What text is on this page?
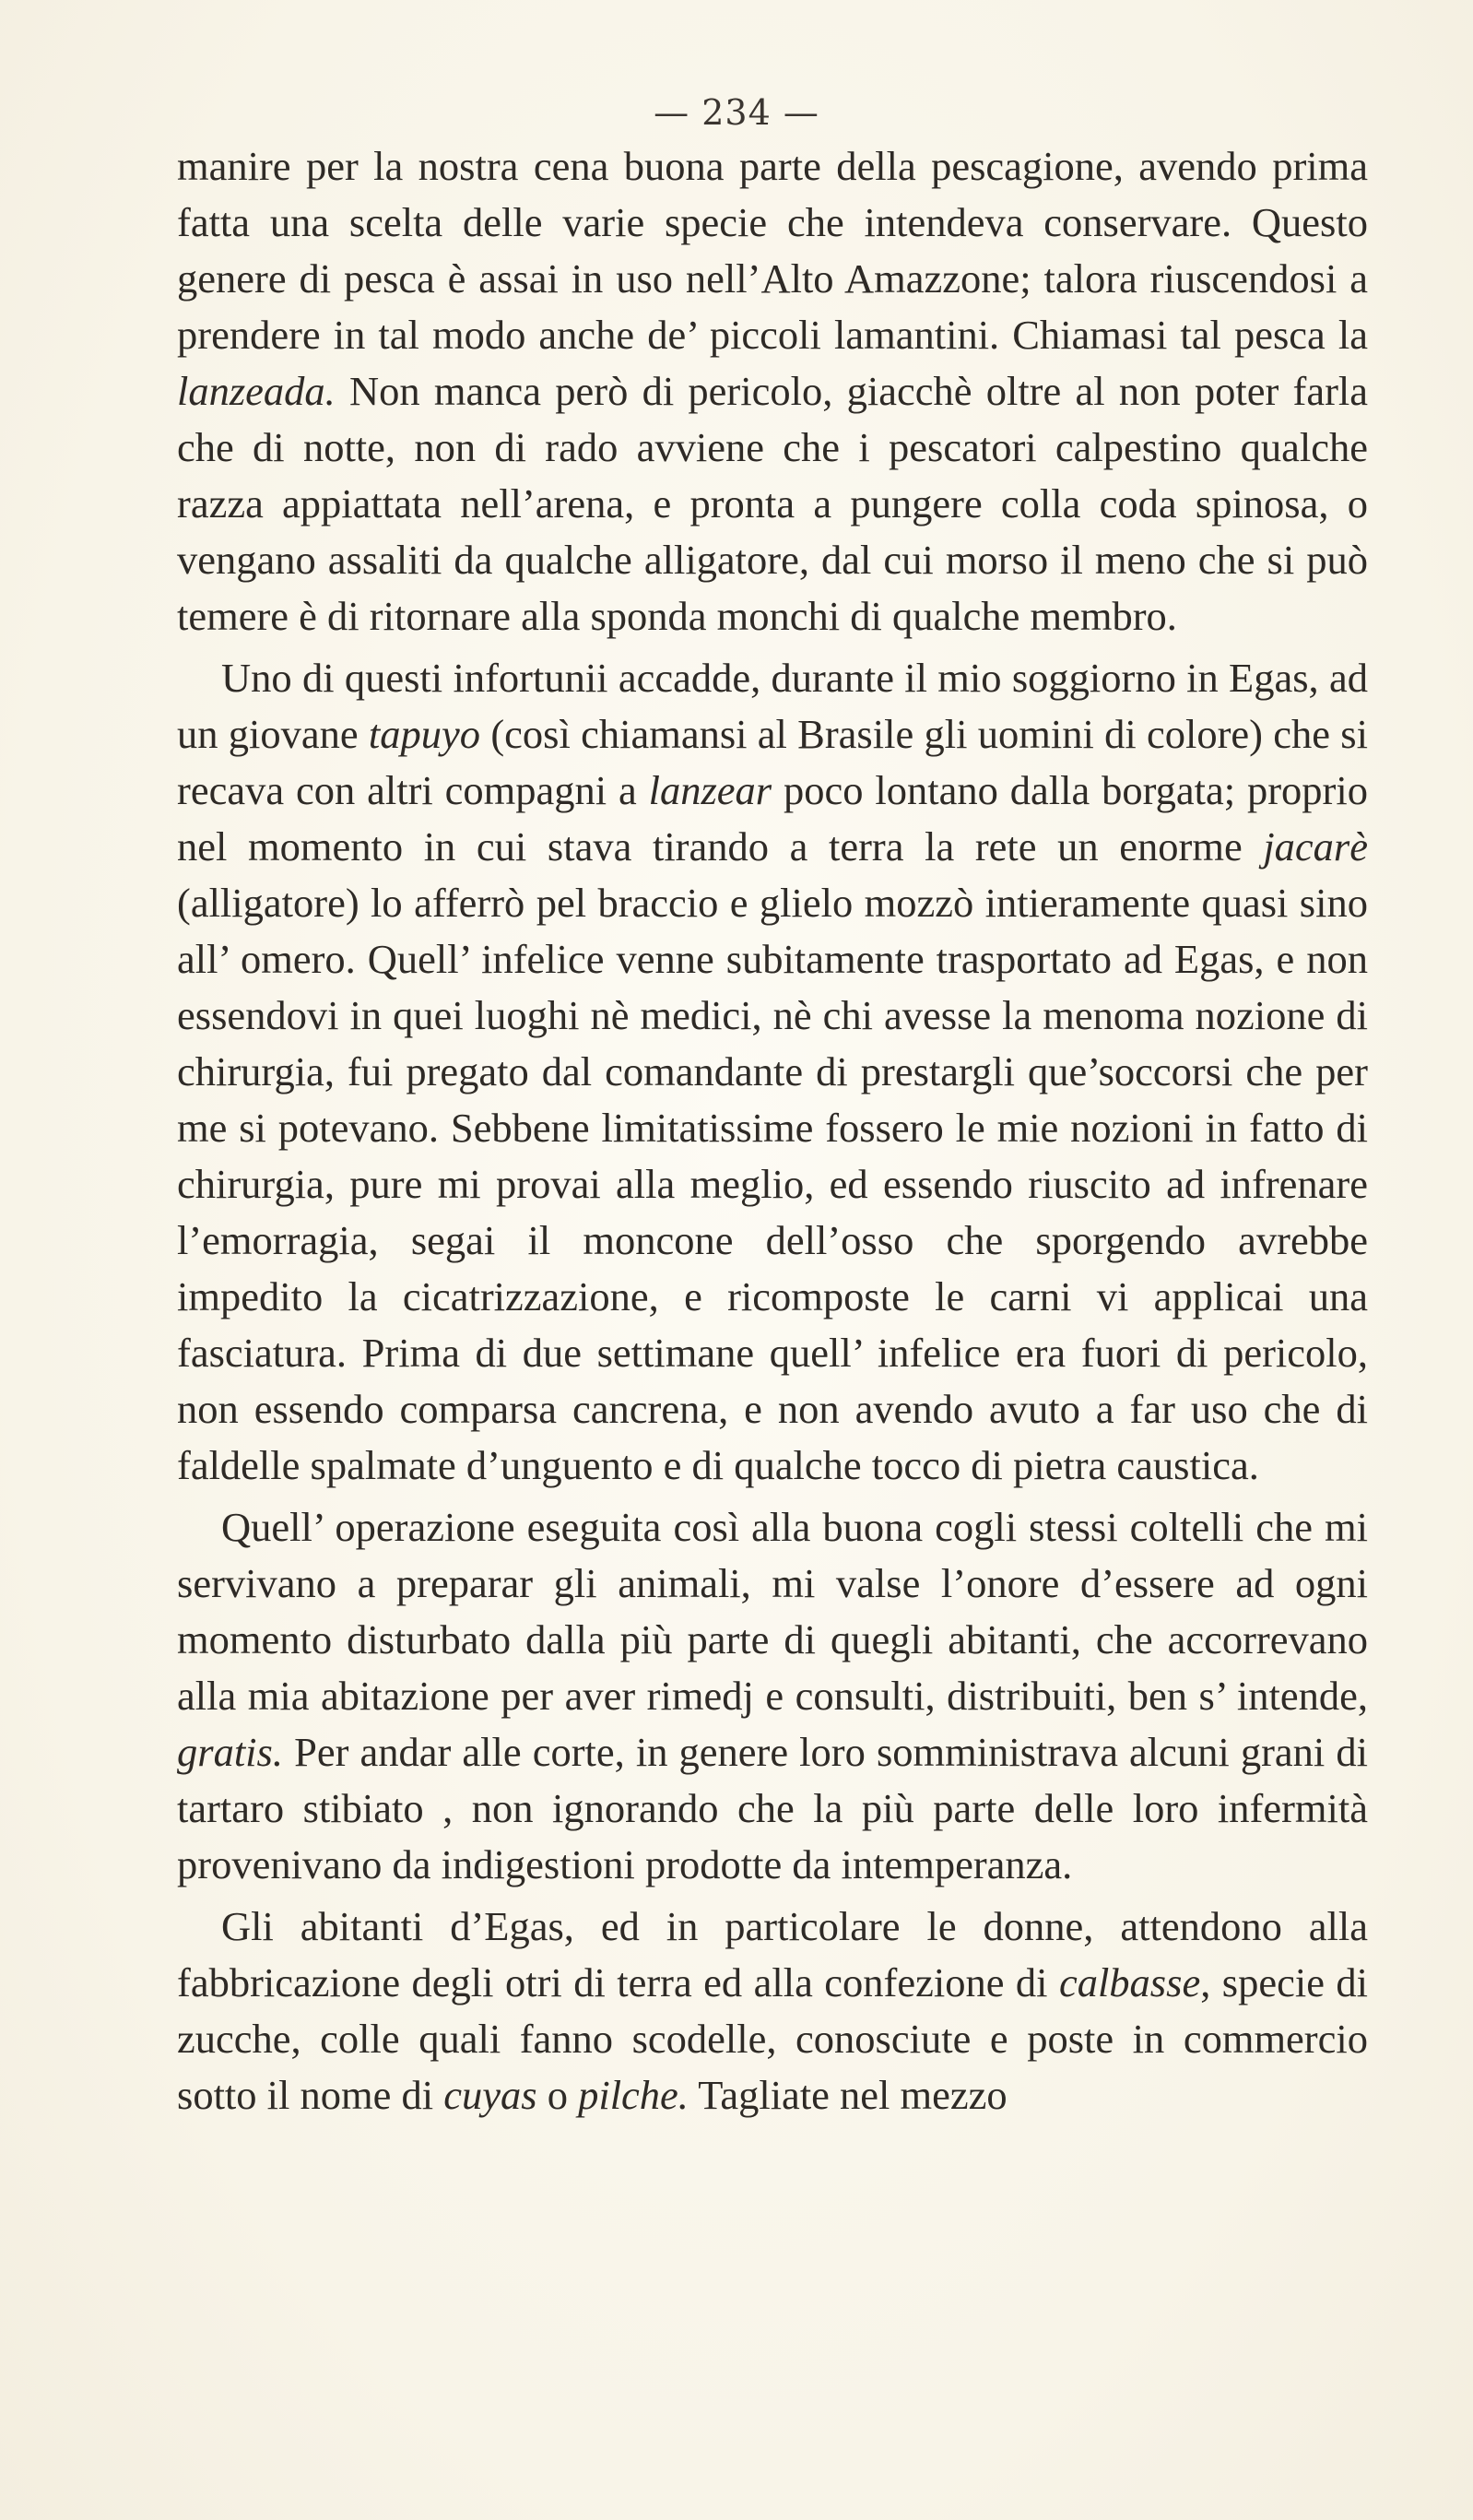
— 234 —

manire per la nostra cena buona parte della pescagione, avendo prima fatta una scelta delle varie specie che intendeva conservare. Questo genere di pesca è assai in uso nell’Alto Amazzone; talora riuscendosi a prendere in tal modo anche de’ piccoli lamantini. Chiamasi tal pesca la lanzeada. Non manca però di pericolo, giacchè oltre al non poter farla che di notte, non di rado avviene che i pescatori calpestino qualche razza appiattata nell’arena, e pronta a pungere colla coda spinosa, o vengano assaliti da qualche alligatore, dal cui morso il meno che si può temere è di ritornare alla sponda monchi di qualche membro.

Uno di questi infortunii accadde, durante il mio soggiorno in Egas, ad un giovane tapuyo (così chiamansi al Brasile gli uomini di colore) che si recava con altri compagni a lanzear poco lontano dalla borgata; proprio nel momento in cui stava tirando a terra la rete un enorme jacarè (alligatore) lo afferrò pel braccio e glielo mozzò intieramente quasi sino all’ omero. Quell’ infelice venne subitamente trasportato ad Egas, e non essendovi in quei luoghi nè medici, nè chi avesse la menoma nozione di chirurgia, fui pregato dal comandante di prestargli que’soccorsi che per me si potevano. Sebbene limitatissime fossero le mie nozioni in fatto di chirurgia, pure mi provai alla meglio, ed essendo riuscito ad infrenare l’emorragia, segai il moncone dell’osso che sporgendo avrebbe impedito la cicatrizzazione, e ricomposte le carni vi applicai una fasciatura. Prima di due settimane quell’ infelice era fuori di pericolo, non essendo comparsa cancrena, e non avendo avuto a far uso che di faldelle spalmate d’unguento e di qualche tocco di pietra caustica.

Quell’ operazione eseguita così alla buona cogli stessi coltelli che mi servivano a preparar gli animali, mi valse l’onore d’essere ad ogni momento disturbato dalla più parte di quegli abitanti, che accorrevano alla mia abitazione per aver rimedj e consulti, distribuiti, ben s’ intende, gratis. Per andar alle corte, in genere loro somministrava alcuni grani di tartaro stibiato , non ignorando che la più parte delle loro infermità provenivano da indigestioni prodotte da intemperanza.

Gli abitanti d’Egas, ed in particolare le donne, attendono alla fabbricazione degli otri di terra ed alla confezione di calbasse, specie di zucche, colle quali fanno scodelle, conosciute e poste in commercio sotto il nome di cuyas o pilche. Tagliate nel mezzo
